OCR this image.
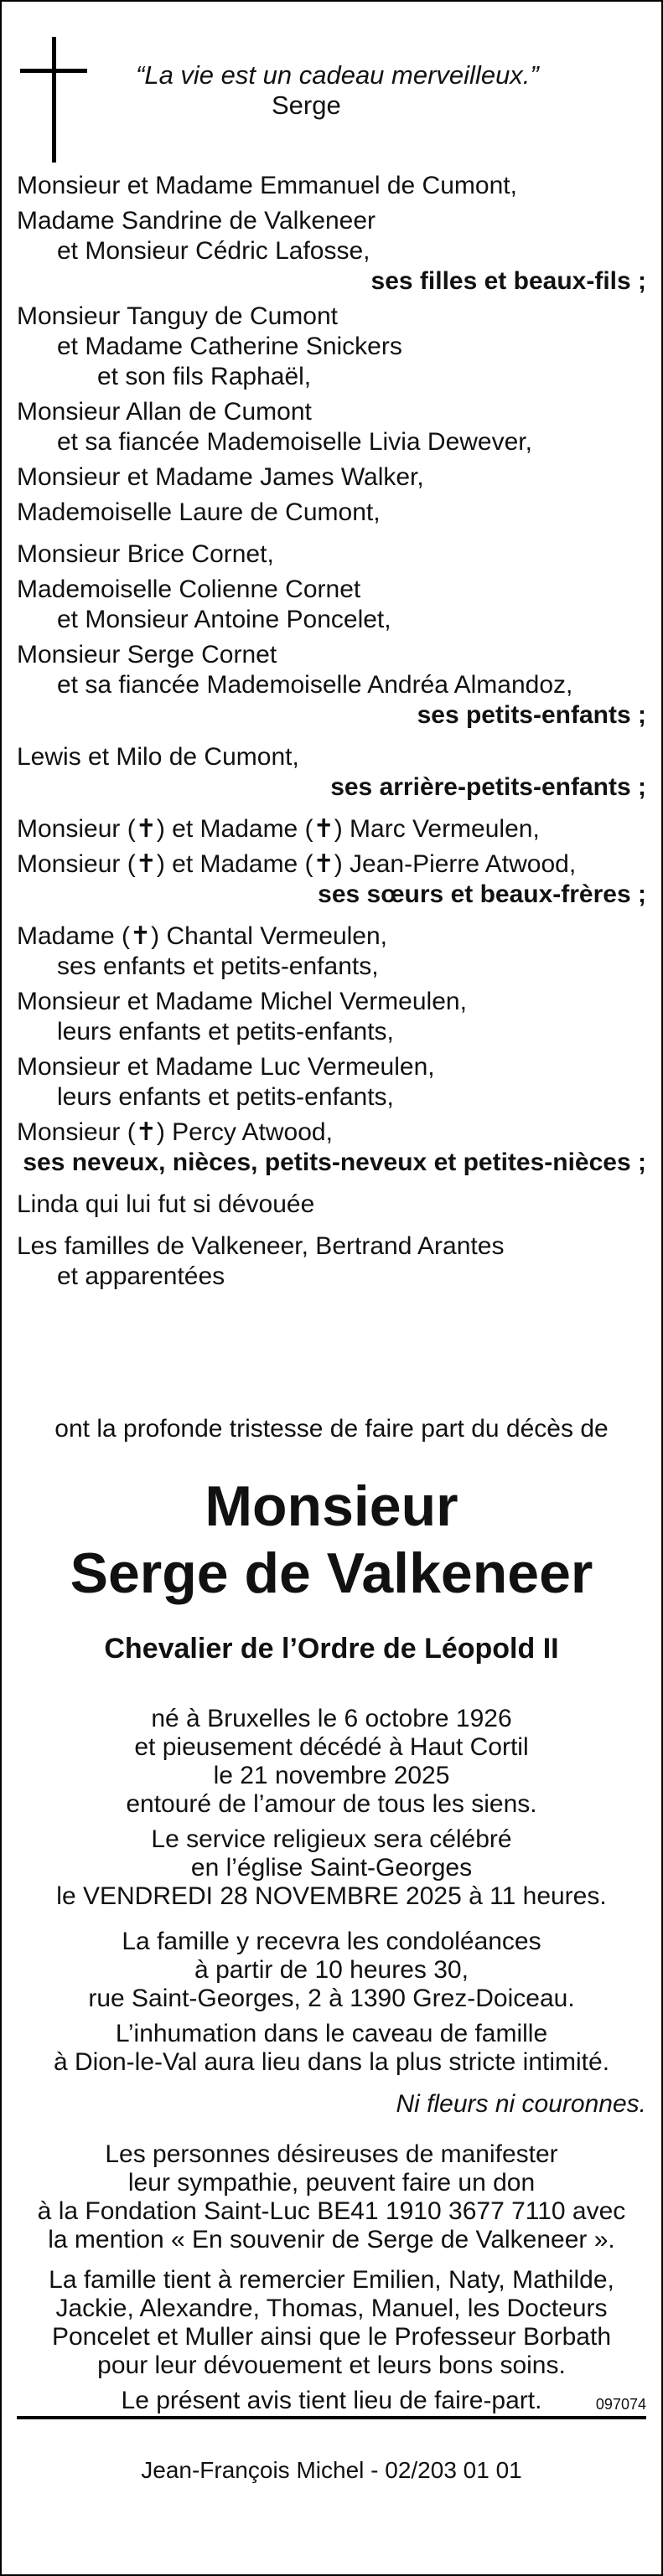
“La vie est un cadeau merveilleux.”
Serge
Monsieur et Madame Emmanuel de Cumont,
Madame Sandrine de Valkeneer
et Monsieur Cédric Lafosse,
ses filles et beaux-fils ;
Monsieur Tanguy de Cumont
et Madame Catherine Snickers
et son fils Raphaël,
Monsieur Allan de Cumont
et sa fiancée Mademoiselle Livia Dewever,
Monsieur et Madame James Walker,
Mademoiselle Laure de Cumont,
Monsieur Brice Cornet,
Mademoiselle Colienne Cornet
et Monsieur Antoine Poncelet,
Monsieur Serge Cornet
et sa fiancée Mademoiselle Andréa Almandoz,
ses petits-enfants ;
Lewis et Milo de Cumont,
ses arrière-petits-enfants ;
Monsieur (✝) et Madame (✝) Marc Vermeulen,
Monsieur (✝) et Madame (✝) Jean-Pierre Atwood,
ses sœurs et beaux-frères ;
Madame (✝) Chantal Vermeulen,
ses enfants et petits-enfants,
Monsieur et Madame Michel Vermeulen,
leurs enfants et petits-enfants,
Monsieur et Madame Luc Vermeulen,
leurs enfants et petits-enfants,
Monsieur (✝) Percy Atwood,
ses neveux, nièces, petits-neveux et petites-nièces ;
Linda qui lui fut si dévouée
Les familles de Valkeneer, Bertrand Arantes
et apparentées
ont la profonde tristesse de faire part du décès de
Monsieur
Serge de Valkeneer
Chevalier de l’Ordre de Léopold II
né à Bruxelles le 6 octobre 1926
et pieusement décédé à Haut Cortil
le 21 novembre 2025
entouré de l’amour de tous les siens.
Le service religieux sera célébré
en l’église Saint-Georges
le VENDREDI 28 NOVEMBRE 2025 à 11 heures.
La famille y recevra les condoléances
à partir de 10 heures 30,
rue Saint-Georges, 2 à 1390 Grez-Doiceau.
L’inhumation dans le caveau de famille
à Dion-le-Val aura lieu dans la plus stricte intimité.
Ni fleurs ni couronnes.
Les personnes désireuses de manifester
leur sympathie, peuvent faire un don
à la Fondation Saint-Luc BE41 1910 3677 7110 avec
la mention « En souvenir de Serge de Valkeneer ».
La famille tient à remercier Emilien, Naty, Mathilde,
Jackie, Alexandre, Thomas, Manuel, les Docteurs
Poncelet et Muller ainsi que le Professeur Borbath
pour leur dévouement et leurs bons soins.
Le présent avis tient lieu de faire-part.	097074
Jean-François Michel - 02/203 01 01
